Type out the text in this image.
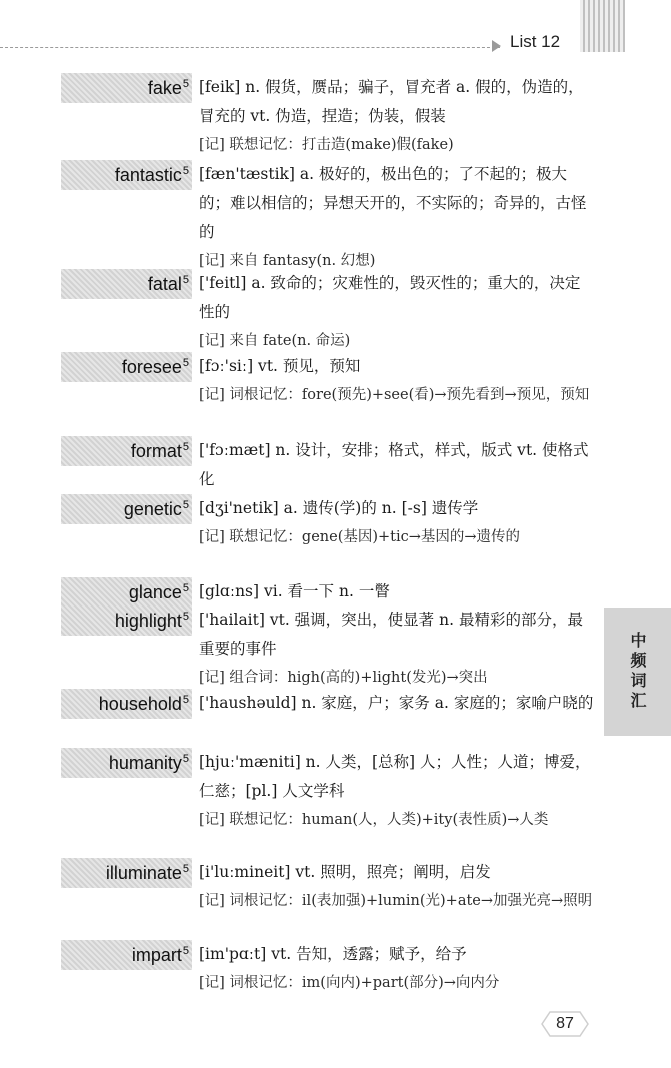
List 12
中频词汇
fake$^5$ [feik] n. 假货，赝品；骗子，冒充者 a. 假的，伪造的，冒充的 vt. 伪造，捏造；伪装，假装

[记] 联想记忆：打击造(make)假(fake)

fantastic$^5$ [fæn'tæstik] a. 极好的，极出色的；了不起的；极大的；难以相信的；异想天开的，不实际的；奇异的，古怪的

[记] 来自 fantasy(n. 幻想)

fatal$^5$ ['feitl] a. 致命的；灾难性的，毁灭性的；重大的，决定性的

[记] 来自 fate(n. 命运)

foresee$^5$ [fɔː'siː] vt. 预见，预知

[记] 词根记忆：fore(预先)+see(看)→预先看到→预见，预知

format$^5$ ['fɔːmæt] n. 设计，安排；格式，样式，版式 vt. 使格式化

genetic$^5$ [dʒi'netik] a. 遗传(学)的 n. [-s] 遗传学

[记] 联想记忆：gene(基因)+tic→基因的→遗传的

glance$^5$ [glɑːns] vi. 看一下 n. 一瞥

highlight$^5$ ['hailait] vt. 强调，突出，使显著 n. 最精彩的部分，最重要的事件

[记] 组合词：high(高的)+light(发光)→突出

household$^5$ ['haushəuld] n. 家庭，户；家务 a. 家庭的；家喻户晓的

humanity$^5$ [hjuː'mæniti] n. 人类，[总称] 人；人性；人道；博爱，仁慈；[pl.] 人文学科

[记] 联想记忆：human(人，人类)+ity(表性质)→人类

illuminate$^5$ [i'luːmineit] vt. 照明，照亮；阐明，启发

[记] 词根记忆：il(表加强)+lumin(光)+ate→加强光亮→照明

impart$^5$ [im'pɑːt] vt. 告知，透露；赋予，给予

[记] 词根记忆：im(向内)+part(部分)→向内分

87
